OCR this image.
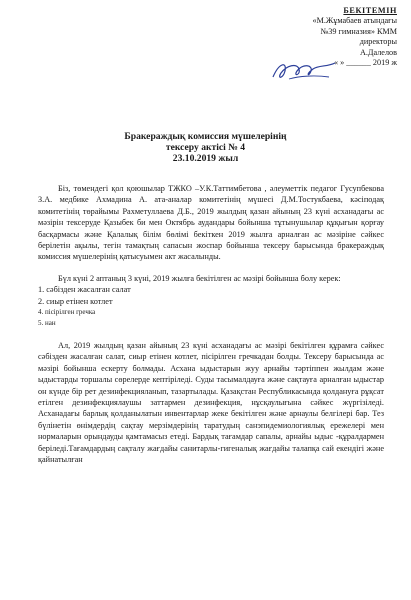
БЕКІТЕМІН
«М.Жұмабаев атындағы
№39 гимназия» КММ
директоры
А.Далелов
« » ______ 2019 ж
Бракераждық комиссия мүшелерінің
тексеру актісі № 4
23.10.2019 жыл

Біз, төмендегі қол қоюшылар ТЖКО –У.К.Таттимбетова , әлеуметтік педагог Гусупбекова З.А. медбике Ахмадина А. ата-аналар комитетінің мүшесі Д.М.Тостукбаева, кәсіподақ комитетінің төрайымы Рахметуллаева Д.Б., 2019 жылдың қазан айының 23 күні асханадағы ас мәзірін тексеруде Қазыбек би мен Октябрь аудандары бойынша тұтынушылар құқығын қорғау басқармасы және Қалалық білім бөлімі бекіткен 2019 жылға арналған ас мәзіріне сәйкес берілетін ақылы, тегін тамақтың сапасын жоспар бойынша тексеру барысында бракераждық комиссия мүшелерінің қатысуымен акт жасалынды.

Бүл күні 2 аптаның 3 күні, 2019 жылға бекітілген ас мәзірі бойынша болу керек:

1. сәбізден жасалған салат
2. сиыр етінен котлет
4. пісірілген гречка
5. нан

Ал, 2019 жылдың қазан айының 23 күні асханадағы ас мәзірі бекітілген құрамға сәйкес сәбізден жасалған салат, сиыр етінен котлет, пісірілген гречкадан болды. Тексеру барысында ас мәзірі бойынша ескерту болмады. Асхана ыдыстарын жуу арнайы тәртіппен жылдам және ыдыстарды торшалы сөрелерде кептіріледі. Суды тасымалдауға және сақтауға арналған ыдыстар он күнде бір рет дезинфекцияланып, тазартылады. Қазақстан Республикасында қолдануға рұқсат етілген дезинфекциялаушы заттармен дезинфекция, нұсқаулығына сәйкес жүргізіледі. Асханадағы барлық қолданылатын инвентарлар жеке бекітілген және арнаулы белгілері бар. Тез бүлінетін өнімдердің сақтау мерзімдерінің таратудың санэпидемиологиялық ережелері мен нормаларын орындауды қамтамасыз етеді. Бардық тағамдар сапалы, арнайы ыдыс -құралдармен беріледі.Тағамдардың сақталу жағдайы санитарлы-гигеналық жағдайы талапқа сай екендігі және қайнатылған
